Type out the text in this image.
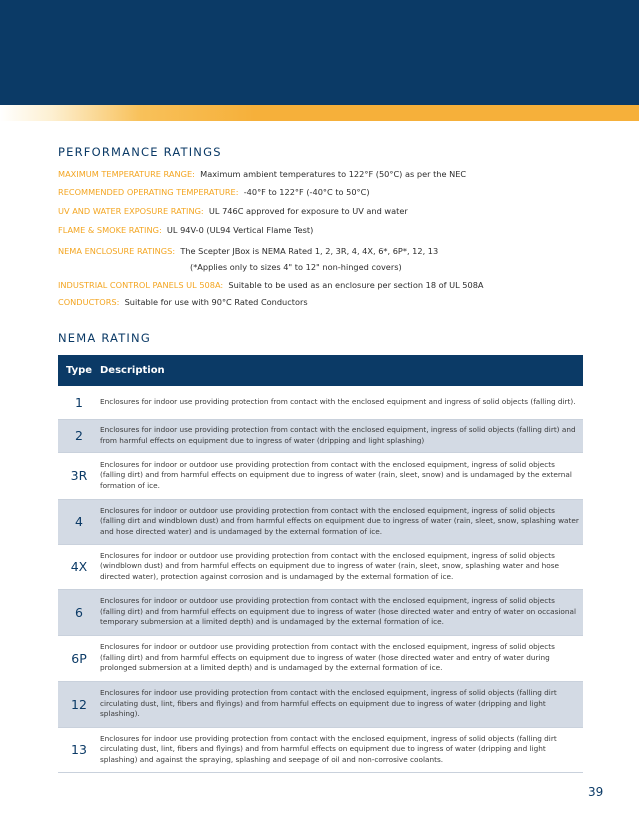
PERFORMANCE RATINGS
MAXIMUM TEMPERATURE RANGE: Maximum ambient temperatures to 122°F (50°C) as per the NEC
RECOMMENDED OPERATING TEMPERATURE: -40°F to 122°F (-40°C to 50°C)
UV AND WATER EXPOSURE RATING: UL 746C approved for exposure to UV and water
FLAME & SMOKE RATING: UL 94V-0 (UL94 Vertical Flame Test)
NEMA ENCLOSURE RATINGS: The Scepter JBox is NEMA Rated 1, 2, 3R, 4, 4X, 6*, 6P*, 12, 13
(*Applies only to sizes 4" to 12" non-hinged covers)
INDUSTRIAL CONTROL PANELS UL 508A: Suitable to be used as an enclosure per section 18 of UL 508A
CONDUCTORS: Suitable for use with 90°C Rated Conductors
NEMA RATING
Type	Description
1	Enclosures for indoor use providing protection from contact with the enclosed equipment and ingress of solid objects (falling dirt).
2	Enclosures for indoor use providing protection from contact with the enclosed equipment, ingress of solid objects (falling dirt) and from harmful effects on equipment due to ingress of water (dripping and light splashing)
3R	Enclosures for indoor or outdoor use providing protection from contact with the enclosed equipment, ingress of solid objects (falling dirt) and from harmful effects on equipment due to ingress of water (rain, sleet, snow) and is undamaged by the external formation of ice.
4	Enclosures for indoor or outdoor use providing protection from contact with the enclosed equipment, ingress of solid objects (falling dirt and windblown dust) and from harmful effects on equipment due to ingress of water (rain, sleet, snow, splashing water and hose directed water) and is undamaged by the external formation of ice.
4X	Enclosures for indoor or outdoor use providing protection from contact with the enclosed equipment, ingress of solid objects (windblown dust) and from harmful effects on equipment due to ingress of water (rain, sleet, snow, splashing water and hose directed water), protection against corrosion and is undamaged by the external formation of ice.
6	Enclosures for indoor or outdoor use providing protection from contact with the enclosed equipment, ingress of solid objects (falling dirt) and from harmful effects on equipment due to ingress of water (hose directed water and entry of water on occasional temporary submersion at a limited depth) and is undamaged by the external formation of ice.
6P	Enclosures for indoor or outdoor use providing protection from contact with the enclosed equipment, ingress of solid objects (falling dirt) and from harmful effects on equipment due to ingress of water (hose directed water and entry of water during prolonged submersion at a limited depth) and is undamaged by the external formation of ice.
12	Enclosures for indoor use providing protection from contact with the enclosed equipment, ingress of solid objects (falling dirt circulating dust, lint, fibers and flyings) and from harmful effects on equipment due to ingress of water (dripping and light splashing).
13	Enclosures for indoor use providing protection from contact with the enclosed equipment, ingress of solid objects (falling dirt circulating dust, lint, fibers and flyings) and from harmful effects on equipment due to ingress of water (dripping and light splashing) and against the spraying, splashing and seepage of oil and non-corrosive coolants.
39
